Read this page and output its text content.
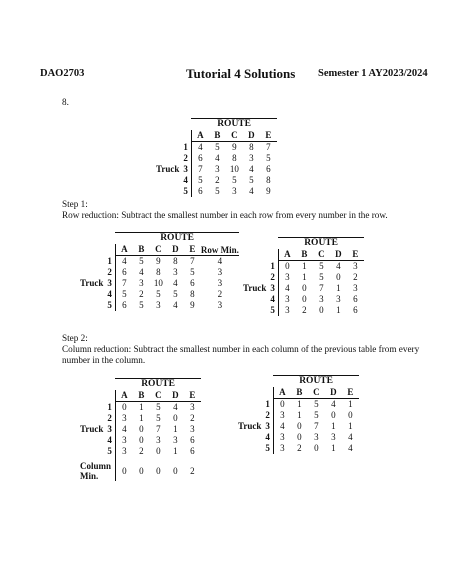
DAO2703	Tutorial 4 Solutions Semester 1 AY2023/2024
8.
		ROUTE				
		A	B	C	D	E
	1	4	5	9	8	7
	2	6	4	8	3	5
Truck	3	7	3	10	4	6
	4	5	2	5	5	8
	5	6	5	3	4	9
Step 1:
Row reduction: Subtract the smallest number in each row from every number in the row.
		ROUTE					
		A	B	C	D	E	Row Min.
	1	4	5	9	8	7	4
	2	6	4	8	3	5	3
Truck	3	7	3	10	4	6	3
	4	5	2	5	5	8	2
	5	6	5	3	4	9	3
		ROUTE				
		A	B	C	D	E
	1	0	1	5	4	3
	2	3	1	5	0	2
Truck	3	4	0	7	1	3
	4	3	0	3	3	6
	5	3	2	0	1	6
Step 2:
Column reduction: Subtract the smallest number in each column of the previous table from every number in the column.
		ROUTE				
		A	B	C	D	E
	1	0	1	5	4	3
	2	3	1	5	0	2
Truck	3	4	0	7	1	3
	4	3	0	3	3	6
	5	3	2	0	1	6
Column Min.		0	0	0	0	2
		ROUTE				
		A	B	C	D	E
	1	0	1	5	4	1
	2	3	1	5	0	0
Truck	3	4	0	7	1	1
	4	3	0	3	3	4
	5	3	2	0	1	4
